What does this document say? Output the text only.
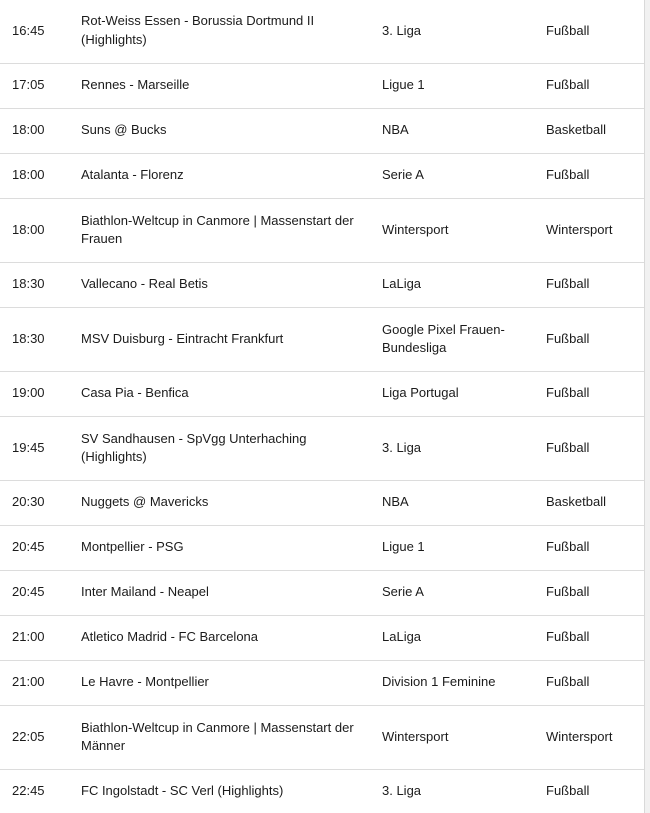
16:45	Rot-Weiss Essen - Borussia Dortmund II (Highlights)	3. Liga	Fußball
17:05	Rennes - Marseille	Ligue 1	Fußball
18:00	Suns @ Bucks	NBA	Basketball
18:00	Atalanta - Florenz	Serie A	Fußball
18:00	Biathlon-Weltcup in Canmore | Massenstart der Frauen	Wintersport	Wintersport
18:30	Vallecano - Real Betis	LaLiga	Fußball
18:30	MSV Duisburg - Eintracht Frankfurt	Google Pixel Frauen-Bundesliga	Fußball
19:00	Casa Pia - Benfica	Liga Portugal	Fußball
19:45	SV Sandhausen - SpVgg Unterhaching (Highlights)	3. Liga	Fußball
20:30	Nuggets @ Mavericks	NBA	Basketball
20:45	Montpellier - PSG	Ligue 1	Fußball
20:45	Inter Mailand - Neapel	Serie A	Fußball
21:00	Atletico Madrid - FC Barcelona	LaLiga	Fußball
21:00	Le Havre - Montpellier	Division 1 Feminine	Fußball
22:05	Biathlon-Weltcup in Canmore | Massenstart der Männer	Wintersport	Wintersport
22:45	FC Ingolstadt - SC Verl (Highlights)	3. Liga	Fußball
